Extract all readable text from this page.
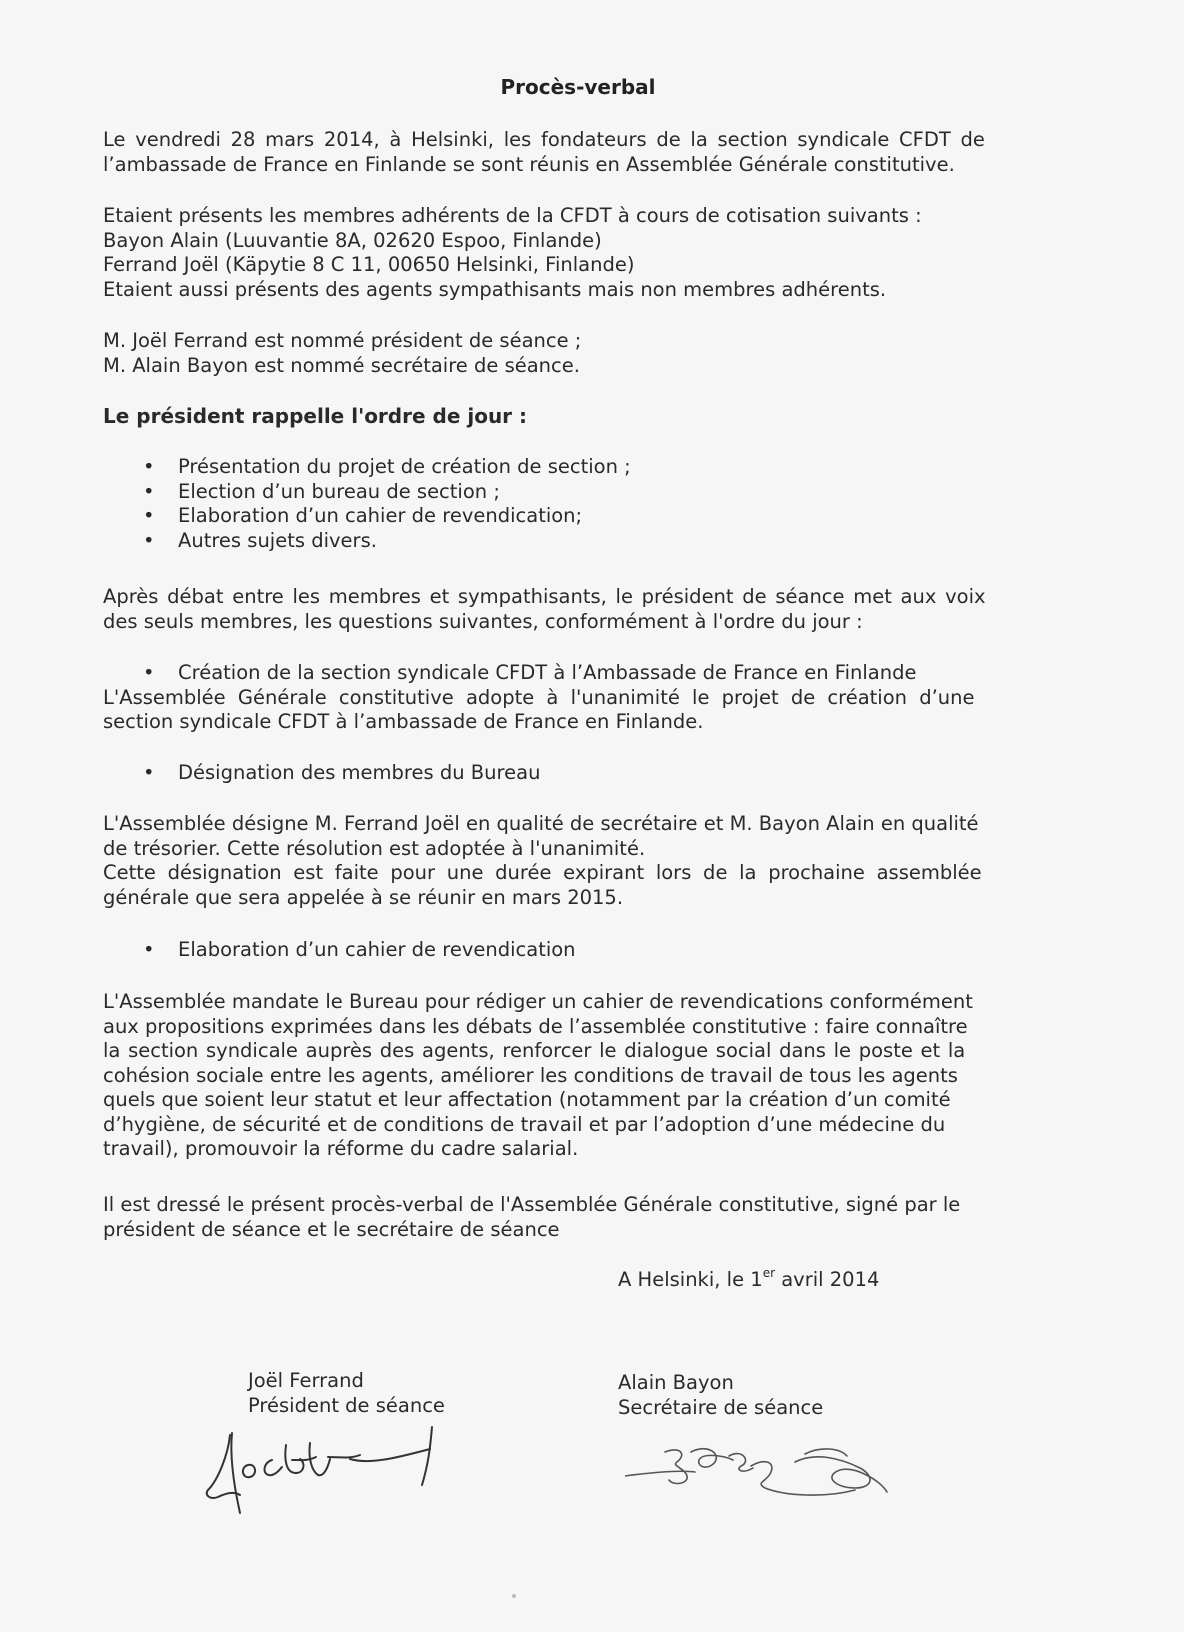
Procès-verbal
Le vendredi 28 mars 2014, à Helsinki, les fondateurs de la section syndicale CFDT de
l’ambassade de France en Finlande se sont réunis en Assemblée Générale constitutive.
Etaient présents les membres adhérents de la CFDT à cours de cotisation suivants :
Bayon Alain (Luuvantie 8A, 02620 Espoo, Finlande)
Ferrand Joël (Käpytie 8 C 11, 00650 Helsinki, Finlande)
Etaient aussi présents des agents sympathisants mais non membres adhérents.
M. Joël Ferrand est nommé président de séance ;
M. Alain Bayon est nommé secrétaire de séance.
Le président rappelle l'ordre de jour :
• Présentation du projet de création de section ;
• Election d’un bureau de section ;
• Elaboration d’un cahier de revendication;
• Autres sujets divers.
Après débat entre les membres et sympathisants, le président de séance met aux voix
des seuls membres, les questions suivantes, conformément à l'ordre du jour :
• Création de la section syndicale CFDT à l’Ambassade de France en Finlande
L'Assemblée Générale constitutive adopte à l'unanimité le projet de création d’une
section syndicale CFDT à l’ambassade de France en Finlande.
• Désignation des membres du Bureau
L'Assemblée désigne M. Ferrand Joël en qualité de secrétaire et M. Bayon Alain en qualité
de trésorier. Cette résolution est adoptée à l'unanimité.
Cette désignation est faite pour une durée expirant lors de la prochaine assemblée
générale que sera appelée à se réunir en mars 2015.
• Elaboration d’un cahier de revendication
L'Assemblée mandate le Bureau pour rédiger un cahier de revendications conformément
aux propositions exprimées dans les débats de l’assemblée constitutive : faire connaître
la section syndicale auprès des agents, renforcer le dialogue social dans le poste et la
cohésion sociale entre les agents, améliorer les conditions de travail de tous les agents
quels que soient leur statut et leur affectation (notamment par la création d’un comité
d’hygiène, de sécurité et de conditions de travail et par l’adoption d’une médecine du
travail), promouvoir la réforme du cadre salarial.
Il est dressé le présent procès-verbal de l'Assemblée Générale constitutive, signé par le
président de séance et le secrétaire de séance
A Helsinki, le 1er avril 2014
Joël Ferrand
Président de séance
Alain Bayon
Secrétaire de séance
